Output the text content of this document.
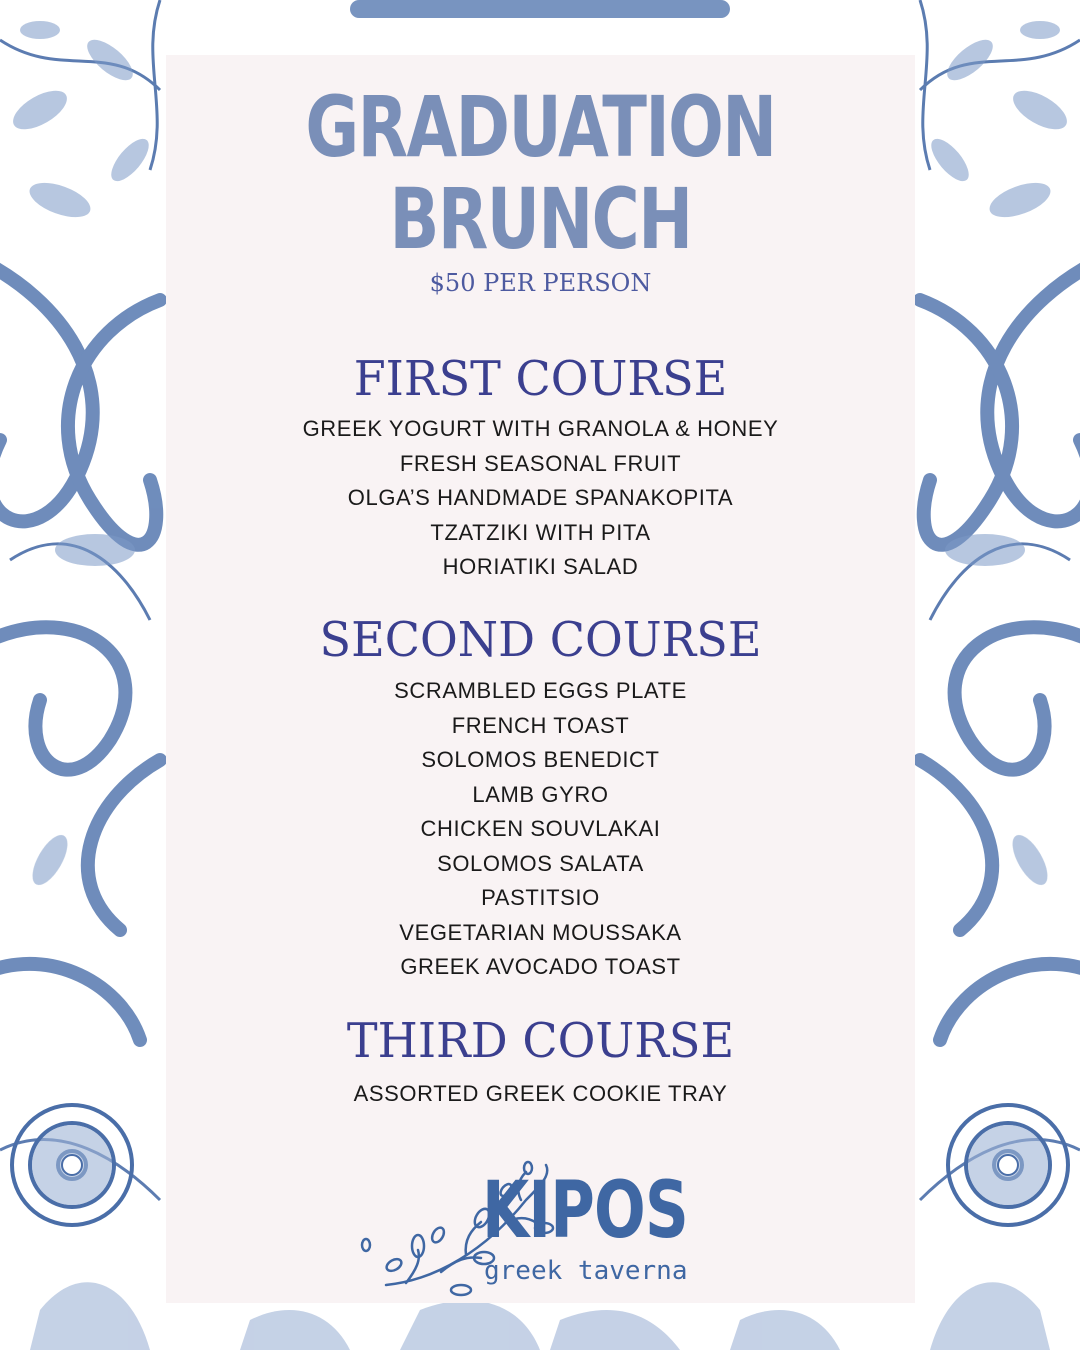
GRADUATION
BRUNCH
$50 PER PERSON
FIRST COURSE
GREEK YOGURT WITH GRANOLA & HONEY
FRESH SEASONAL FRUIT
OLGA’S HANDMADE SPANAKOPITA
TZATZIKI WITH PITA
HORIATIKI SALAD
SECOND COURSE
SCRAMBLED EGGS PLATE
FRENCH TOAST
SOLOMOS BENEDICT
LAMB GYRO
CHICKEN SOUVLAKAI
SOLOMOS SALATA
PASTITSIO
VEGETARIAN MOUSSAKA
GREEK AVOCADO TOAST
THIRD COURSE
ASSORTED GREEK COOKIE TRAY
KIPOS
greek taverna
